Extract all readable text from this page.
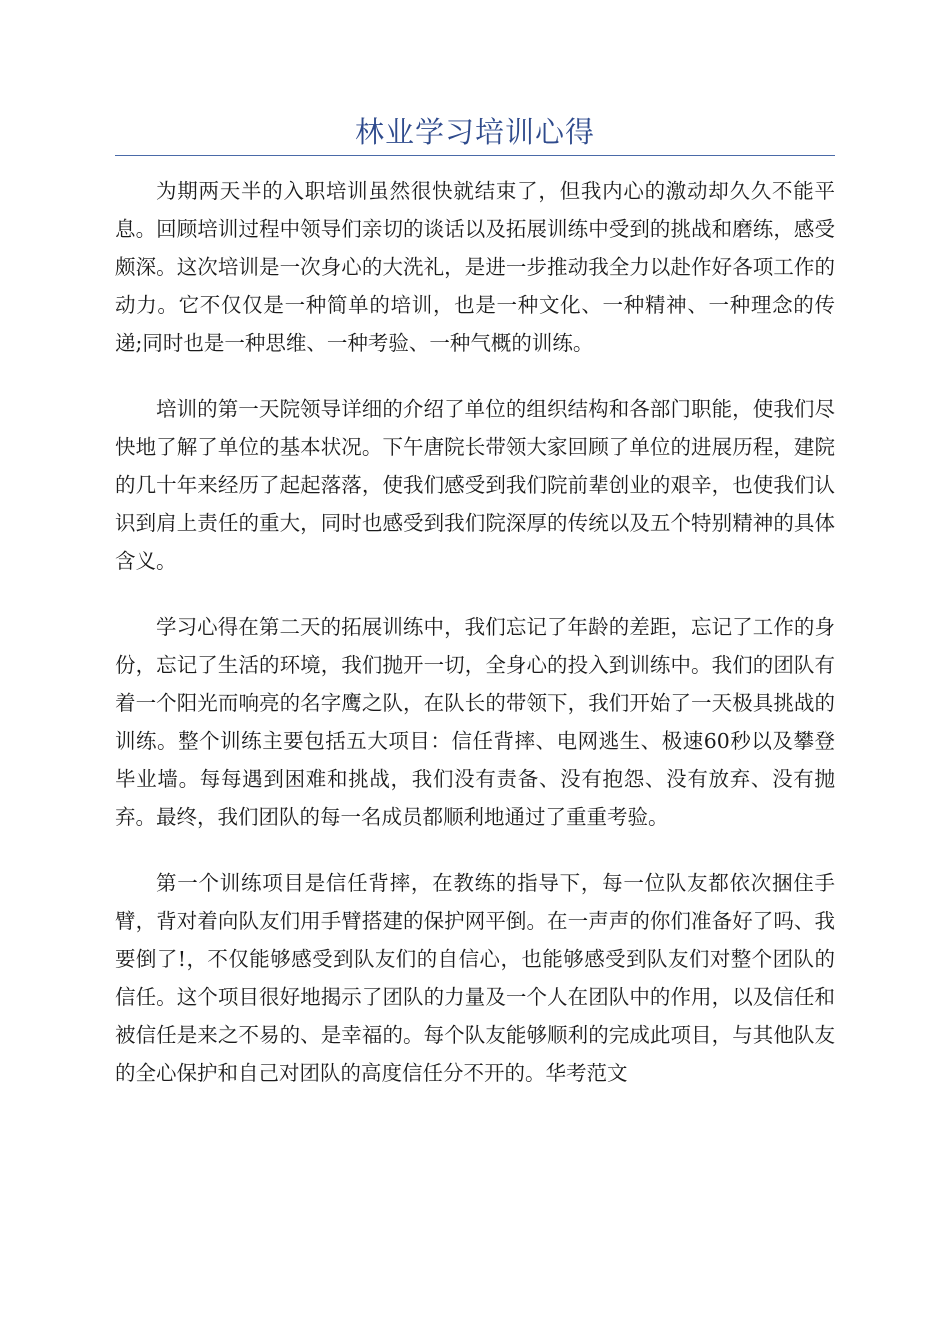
林业学习培训心得

为期两天半的入职培训虽然很快就结束了，但我内心的激动却久久不能平息。回顾培训过程中领导们亲切的谈话以及拓展训练中受到的挑战和磨练，感受颇深。这次培训是一次身心的大洗礼，是进一步推动我全力以赴作好各项工作的动力。它不仅仅是一种简单的培训，也是一种文化、一种精神、一种理念的传递;同时也是一种思维、一种考验、一种气概的训练。

培训的第一天院领导详细的介绍了单位的组织结构和各部门职能，使我们尽快地了解了单位的基本状况。下午唐院长带领大家回顾了单位的进展历程，建院的几十年来经历了起起落落，使我们感受到我们院前辈创业的艰辛，也使我们认识到肩上责任的重大，同时也感受到我们院深厚的传统以及五个特别精神的具体含义。

学习心得在第二天的拓展训练中，我们忘记了年龄的差距，忘记了工作的身份，忘记了生活的环境，我们抛开一切，全身心的投入到训练中。我们的团队有着一个阳光而响亮的名字鹰之队，在队长的带领下，我们开始了一天极具挑战的训练。整个训练主要包括五大项目：信任背摔、电网逃生、极速60秒以及攀登毕业墙。每每遇到困难和挑战，我们没有责备、没有抱怨、没有放弃、没有抛弃。最终，我们团队的每一名成员都顺利地通过了重重考验。

第一个训练项目是信任背摔，在教练的指导下，每一位队友都依次捆住手臂，背对着向队友们用手臂搭建的保护网平倒。在一声声的你们准备好了吗、我要倒了!，不仅能够感受到队友们的自信心，也能够感受到队友们对整个团队的信任。这个项目很好地揭示了团队的力量及一个人在团队中的作用，以及信任和被信任是来之不易的、是幸福的。每个队友能够顺利的完成此项目，与其他队友的全心保护和自己对团队的高度信任分不开的。华考范文
